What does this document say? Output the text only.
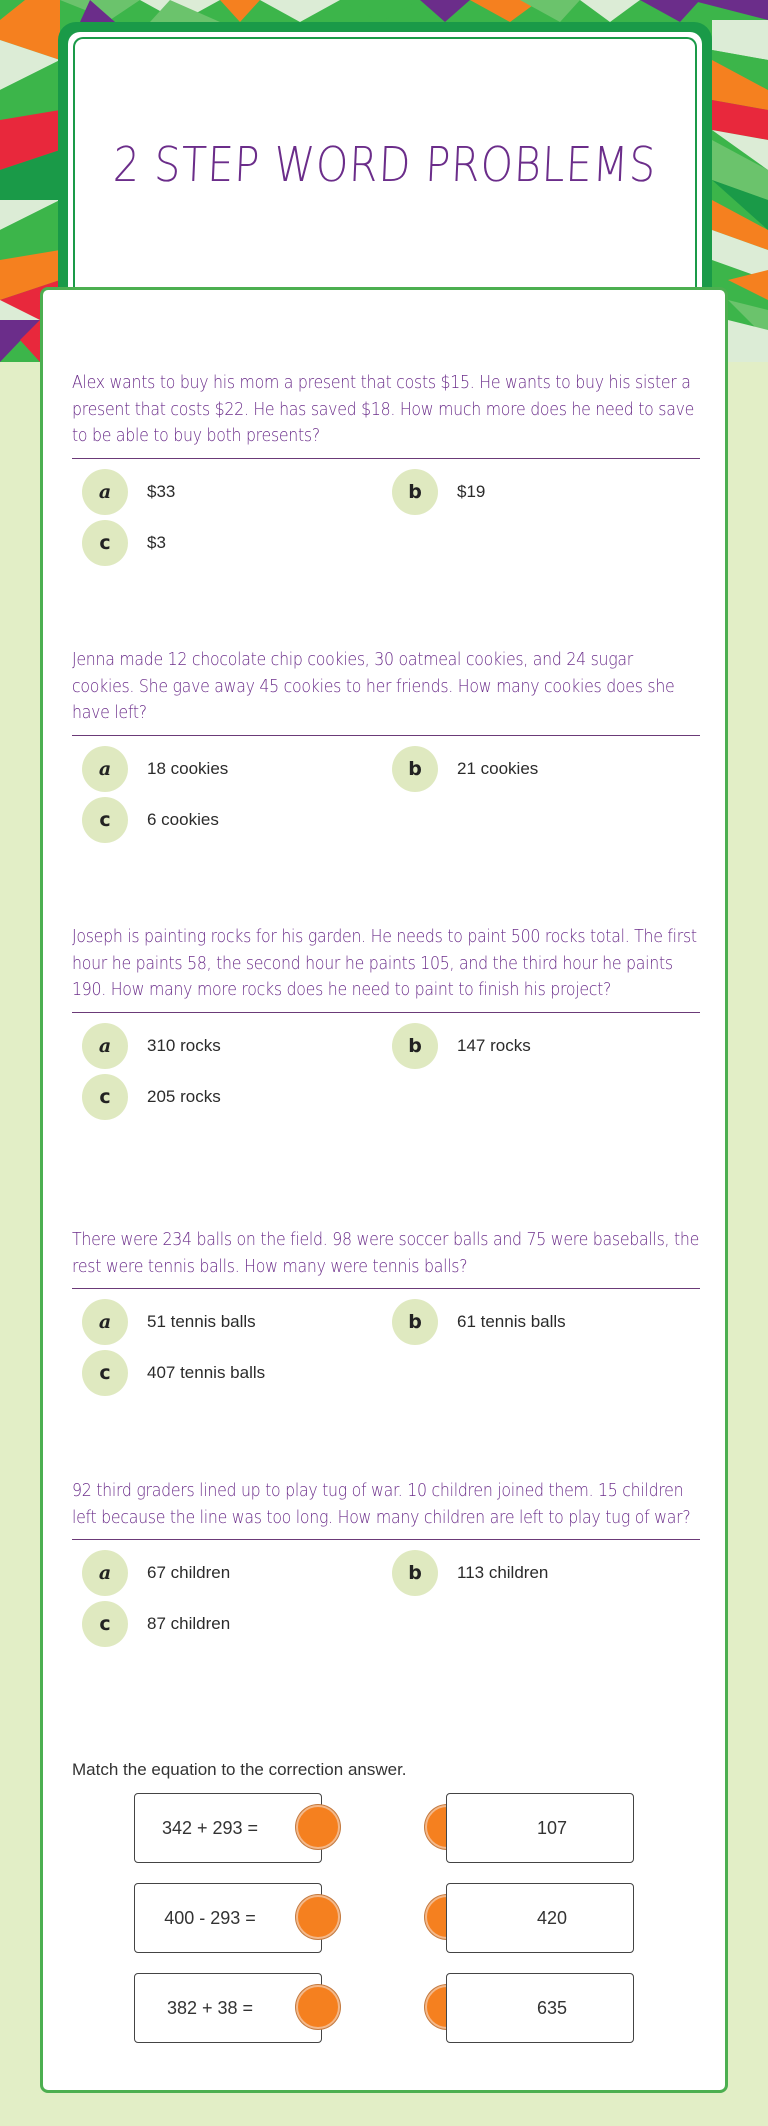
2 STEP WORD PROBLEMS

Alex wants to buy his mom a present that costs $15. He wants to buy his sister a present that costs $22. He has saved $18. How much more does he need to save to be able to buy both presents?

a	$33	b	$19
c	$3

Jenna made 12 chocolate chip cookies, 30 oatmeal cookies, and 24 sugar cookies. She gave away 45 cookies to her friends. How many cookies does she have left?

a	18 cookies	b	21 cookies
c	6 cookies

Joseph is painting rocks for his garden. He needs to paint 500 rocks total. The first hour he paints 58, the second hour he paints 105, and the third hour he paints 190. How many more rocks does he need to paint to finish his project?

a	310 rocks	b	147 rocks
c	205 rocks

There were 234 balls on the field. 98 were soccer balls and 75 were baseballs, the rest were tennis balls. How many were tennis balls?

a	51 tennis balls	b	61 tennis balls
c	407 tennis balls

92 third graders lined up to play tug of war. 10 children joined them. 15 children left because the line was too long. How many children are left to play tug of war?

a	67 children	b	113 children
c	87 children

Match the equation to the correction answer.

342 + 293 =	107
400 - 293 =	420
382 + 38 =	635
